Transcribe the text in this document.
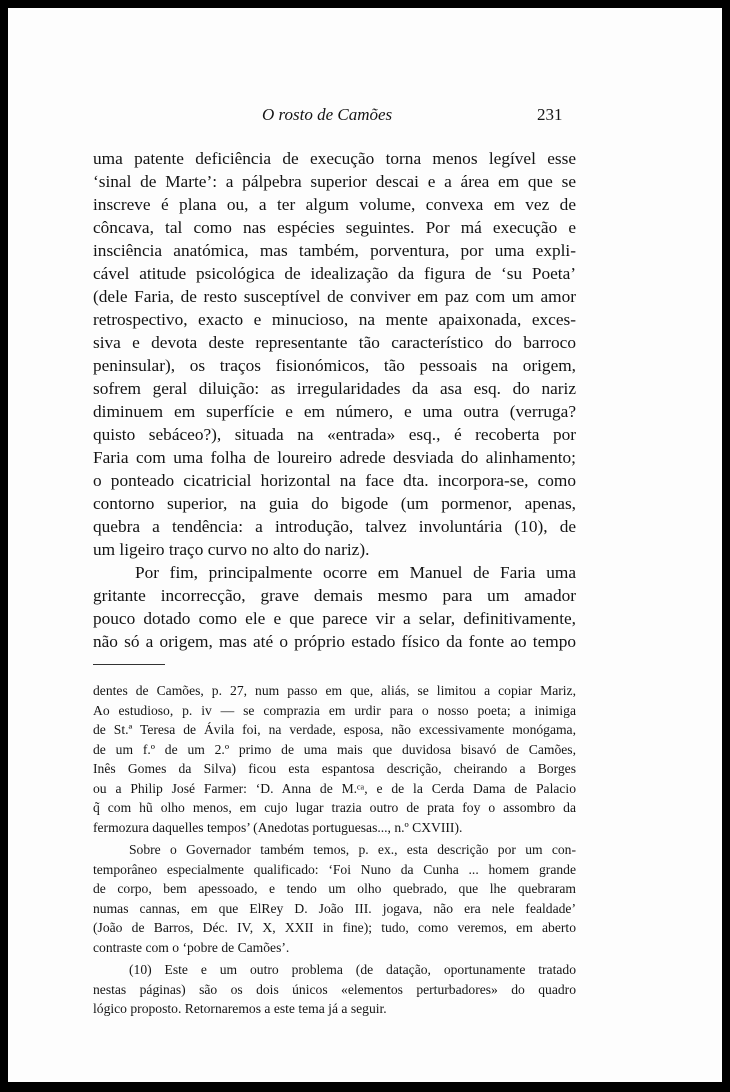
O rosto de Camões	231
uma patente deficiência de execução torna menos legível esse
‘sinal de Marte’: a pálpebra superior descai e a área em que se
inscreve é plana ou, a ter algum volume, convexa em vez de
côncava, tal como nas espécies seguintes. Por má execução e
insciência anatómica, mas também, porventura, por uma expli-
cável atitude psicológica de idealização da figura de ‘su Poeta’
(dele Faria, de resto susceptível de conviver em paz com um amor
retrospectivo, exacto e minucioso, na mente apaixonada, exces-
siva e devota deste representante tão característico do barroco
peninsular), os traços fisionómicos, tão pessoais na origem,
sofrem geral diluição: as irregularidades da asa esq. do nariz
diminuem em superfície e em número, e uma outra (verruga?
quisto sebáceo?), situada na «entrada» esq., é recoberta por
Faria com uma folha de loureiro adrede desviada do alinhamento;
o ponteado cicatricial horizontal na face dta. incorpora-se, como
contorno superior, na guia do bigode (um pormenor, apenas,
quebra a tendência: a introdução, talvez involuntária (10), de
um ligeiro traço curvo no alto do nariz).
Por fim, principalmente ocorre em Manuel de Faria uma
gritante incorrecção, grave demais mesmo para um amador
pouco dotado como ele e que parece vir a selar, definitivamente,
não só a origem, mas até o próprio estado físico da fonte ao tempo
dentes de Camões, p. 27, num passo em que, aliás, se limitou a copiar Mariz,
Ao estudioso, p. iv — se comprazia em urdir para o nosso poeta; a inimiga
de St.ª Teresa de Ávila foi, na verdade, esposa, não excessivamente monógama,
de um f.º de um 2.º primo de uma mais que duvidosa bisavó de Camões,
Inês Gomes da Silva) ficou esta espantosa descrição, cheirando a Borges
ou a Philip José Farmer: ‘D. Anna de M.ᶜᵃ, e de la Cerda Dama de Palacio
q̃ com hũ olho menos, em cujo lugar trazia outro de prata foy o assombro da
fermozura daquelles tempos’ (Anedotas portuguesas..., n.º CXVIII).
Sobre o Governador também temos, p. ex., esta descrição por um con-
temporâneo especialmente qualificado: ‘Foi Nuno da Cunha ... homem grande
de corpo, bem apessoado, e tendo um olho quebrado, que lhe quebraram
numas cannas, em que ElRey D. João III. jogava, não era nele fealdade’
(João de Barros, Déc. IV, X, XXII in fine); tudo, como veremos, em aberto
contraste com o ‘pobre de Camões’.
(10) Este e um outro problema (de datação, oportunamente tratado
nestas páginas) são os dois únicos «elementos perturbadores» do quadro
lógico proposto. Retornaremos a este tema já a seguir.
